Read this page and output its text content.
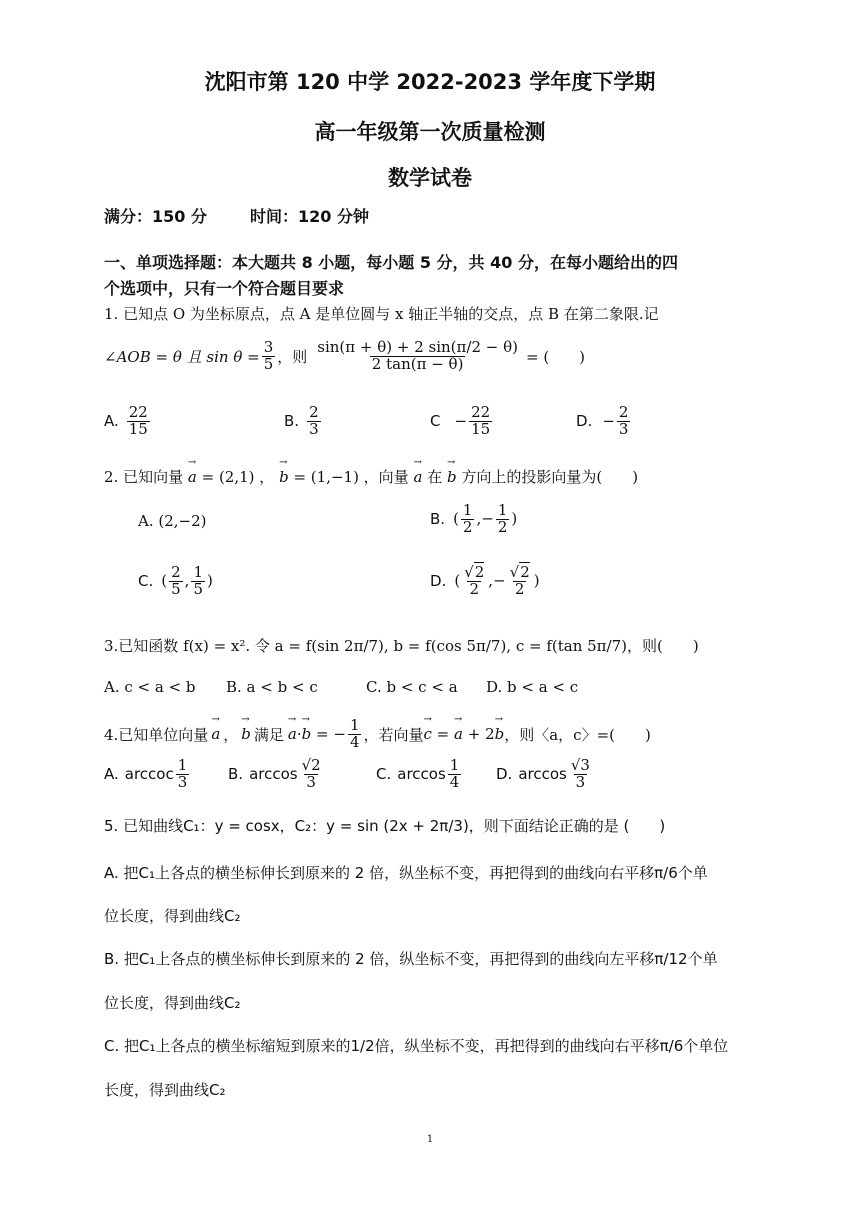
沈阳市第 120 中学 2022-2023 学年度下学期
高一年级第一次质量检测
数学试卷
满分：150 分	时间：120 分钟
一、单项选择题：本大题共 8 小题，每小题 5 分，共 40 分，在每小题给出的四
个选项中，只有一个符合题目要求
1. 已知点 O 为坐标原点，点 A 是单位圆与 x 轴正半轴的交点，点 B 在第二象限.记
∠AOB = θ 且 $\sin \theta = \frac{3}{5}$ ，则 $\frac{\sin(\pi + \theta) + 2 \sin(\pi/2 - \theta)}{2 \tan(\pi - \theta)}$ = (　　)
A. $\frac{22}{15}$	B. $\frac{2}{3}$	$C - \frac{22}{15}$	D. − $\frac{2}{3}$
2. 已知向量 → a = (2,1) ， → b = (1,−1) ，向量 → a 在 → b 方向上的投影向量为(　　)
A. (2,−2)	B. ( $\frac{1}{2}$ ,− $\frac{1}{2}$ )
C. ( $\frac{2}{5}$ , $\frac{1}{5}$ )	D. ( $\frac{√2}{2}$ ,− $\frac{√2}{2}$ )
3.已知函数 f(x) = x². 令 a = f(sin 2π/7), b = f(cos 5π/7), c = f(tan 5π/7)，则(　　)
A. c < a < b B. a < b < c	C. b < c < a D. b < a < c
4.已知单位向量 → a ， → b 满足 → a·→ b = − $\frac{1}{4}$ ，若向量 → c = → a + 2→ b ，则〈a，c〉=(　　)
A. arccoc $\frac{1}{3}$	B. $\arccos \frac{√2}{3}$	C. $\arccos \frac{1}{4} D$. $\arccos \frac{√3}{3}$
5. 已知曲线C₁：y = cosx，C₂：y = sin (2x + 2π/3)，则下面结论正确的是 (　　)
A. 把C₁上各点的横坐标伸长到原来的 2 倍，纵坐标不变，再把得到的曲线向右平移π/6个单
位长度，得到曲线C₂
B. 把C₁上各点的横坐标伸长到原来的 2 倍，纵坐标不变，再把得到的曲线向左平移π/12个单
位长度，得到曲线C₂
C. 把C₁上各点的横坐标缩短到原来的1/2倍，纵坐标不变，再把得到的曲线向右平移π/6个单位
长度，得到曲线C₂
1
